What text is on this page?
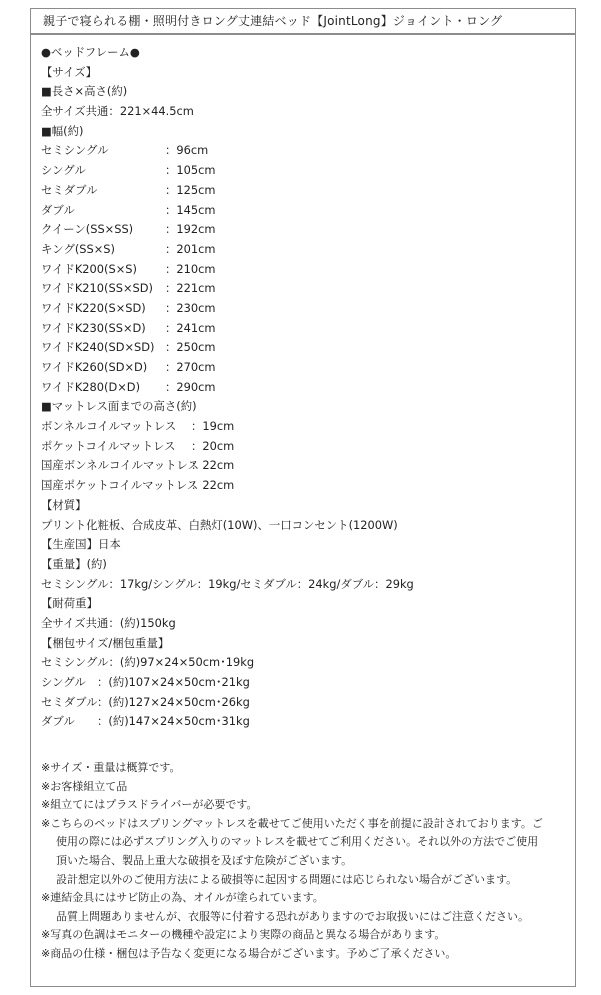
親子で寝られる棚・照明付きロング丈連結ベッド【JointLong】ジョイント・ロング
●ベッドフレーム●
【サイズ】
■長さ×高さ(約)
全サイズ共通：221×44.5cm
■幅(約)
セミシングル	：96cm
シングル	：105cm
セミダブル	：125cm
ダブル	：145cm
クイーン(SS×SS)	：192cm
キング(SS×S)	：201cm
ワイドK200(S×S) ：210cm
ワイドK210(SS×SD) ：221cm
ワイドK220(S×SD) ：230cm
ワイドK230(SS×D) ：241cm
ワイドK240(SD×SD) ：250cm
ワイドK260(SD×D) ：270cm
ワイドK280(D×D) ：290cm
■マットレス面までの高さ(約)
ボンネルコイルマットレス ：19cm
ポケットコイルマットレス ：20cm
国産ボンネルコイルマットレス：22cm
国産ポケットコイルマットレス：22cm
【材質】
プリント化粧板、合成皮革、白熱灯(10W)、一口コンセント(1200W)
【生産国】日本
【重量】(約)
セミシングル：17kg/シングル：19kg/セミダブル：24kg/ダブル：29kg
【耐荷重】
全サイズ共通：(約)150kg
【梱包サイズ/梱包重量】
セミシングル：(約)97×24×50cm･19kg
シングル ：(約)107×24×50cm･21kg
セミダブル：(約)127×24×50cm･26kg
ダブル ：(約)147×24×50cm･31kg
※サイズ・重量は概算です。
※お客様組立て品
※組立てにはプラスドライバーが必要です。
※こちらのベッドはスプリングマットレスを載せてご使用いただく事を前提に設計されております。ご
使用の際には必ずスプリング入りのマットレスを載せてご利用ください。それ以外の方法でご使用
頂いた場合、製品上重大な破損を及ぼす危険がございます。
設計想定以外のご使用方法による破損等に起因する問題には応じられない場合がございます。
※連結金具にはサビ防止の為、オイルが塗られています。
品質上問題ありませんが、衣服等に付着する恐れがありますのでお取扱いにはご注意ください。
※写真の色調はモニターの機種や設定により実際の商品と異なる場合があります。
※商品の仕様・梱包は予告なく変更になる場合がございます。予めご了承ください。
